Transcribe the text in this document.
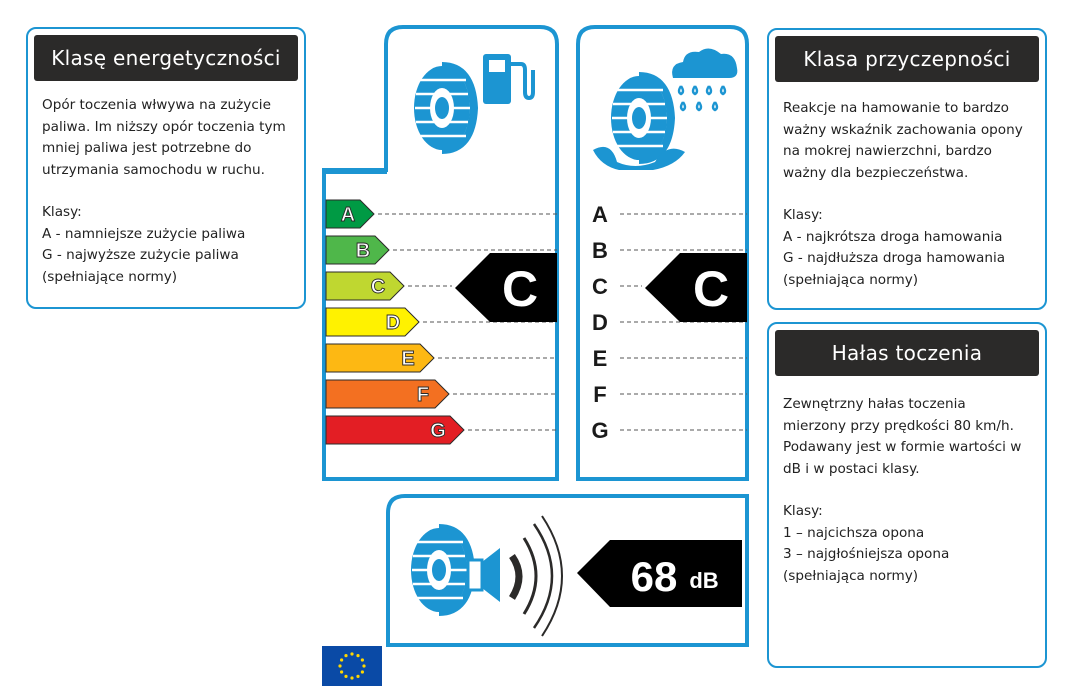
Klasę energetyczności

Opór toczenia włwywa na zużycie

paliwa. Im niższy opór toczenia tym

mniej paliwa jest potrzebne do

utrzymania samochodu w ruchu.

Klasy:

A - namniejsze zużycie paliwa

G - najwyższe zużycie paliwa

(spełniające normy)

Klasa przyczepności

Reakcje na hamowanie to bardzo

ważny wskaźnik zachowania opony

na mokrej nawierzchni, bardzo

ważny dla bezpieczeństwa.

Klasy:

A - najkrótsza droga hamowania

G - najdłuższa droga hamowania

(spełniająca normy)

Hałas toczenia

Zewnętrzny hałas toczenia

mierzony przy prędkości 80 km/h.

Podawany jest w formie wartości w

dB i w postaci klasy.

Klasy:

1 – najcichsza opona

3 – najgłośniejsza opona

(spełniająca normy)

A
B
C
D
E
F
G
A
B
C
D
E
F
G
C	C
68 dB
